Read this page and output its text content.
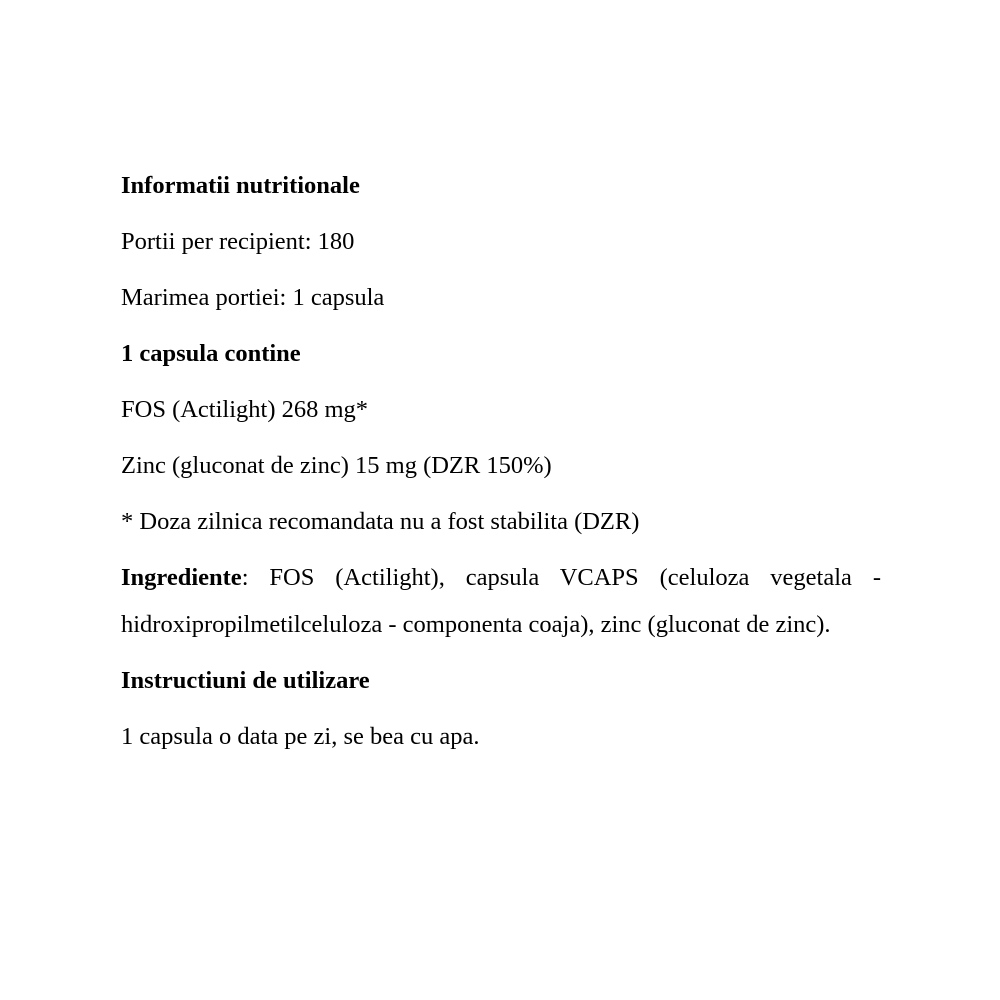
Informatii nutritionale
Portii per recipient: 180
Marimea portiei: 1 capsula
1 capsula contine
FOS (Actilight) 268 mg*
Zinc (gluconat de zinc) 15 mg (DZR 150%)
* Doza zilnica recomandata nu a fost stabilita (DZR)
Ingrediente: FOS (Actilight), capsula VCAPS (celuloza vegetala - hidroxipropilmetilceluloza - componenta coaja), zinc (gluconat de zinc).
Instructiuni de utilizare
1 capsula o data pe zi, se bea cu apa.
